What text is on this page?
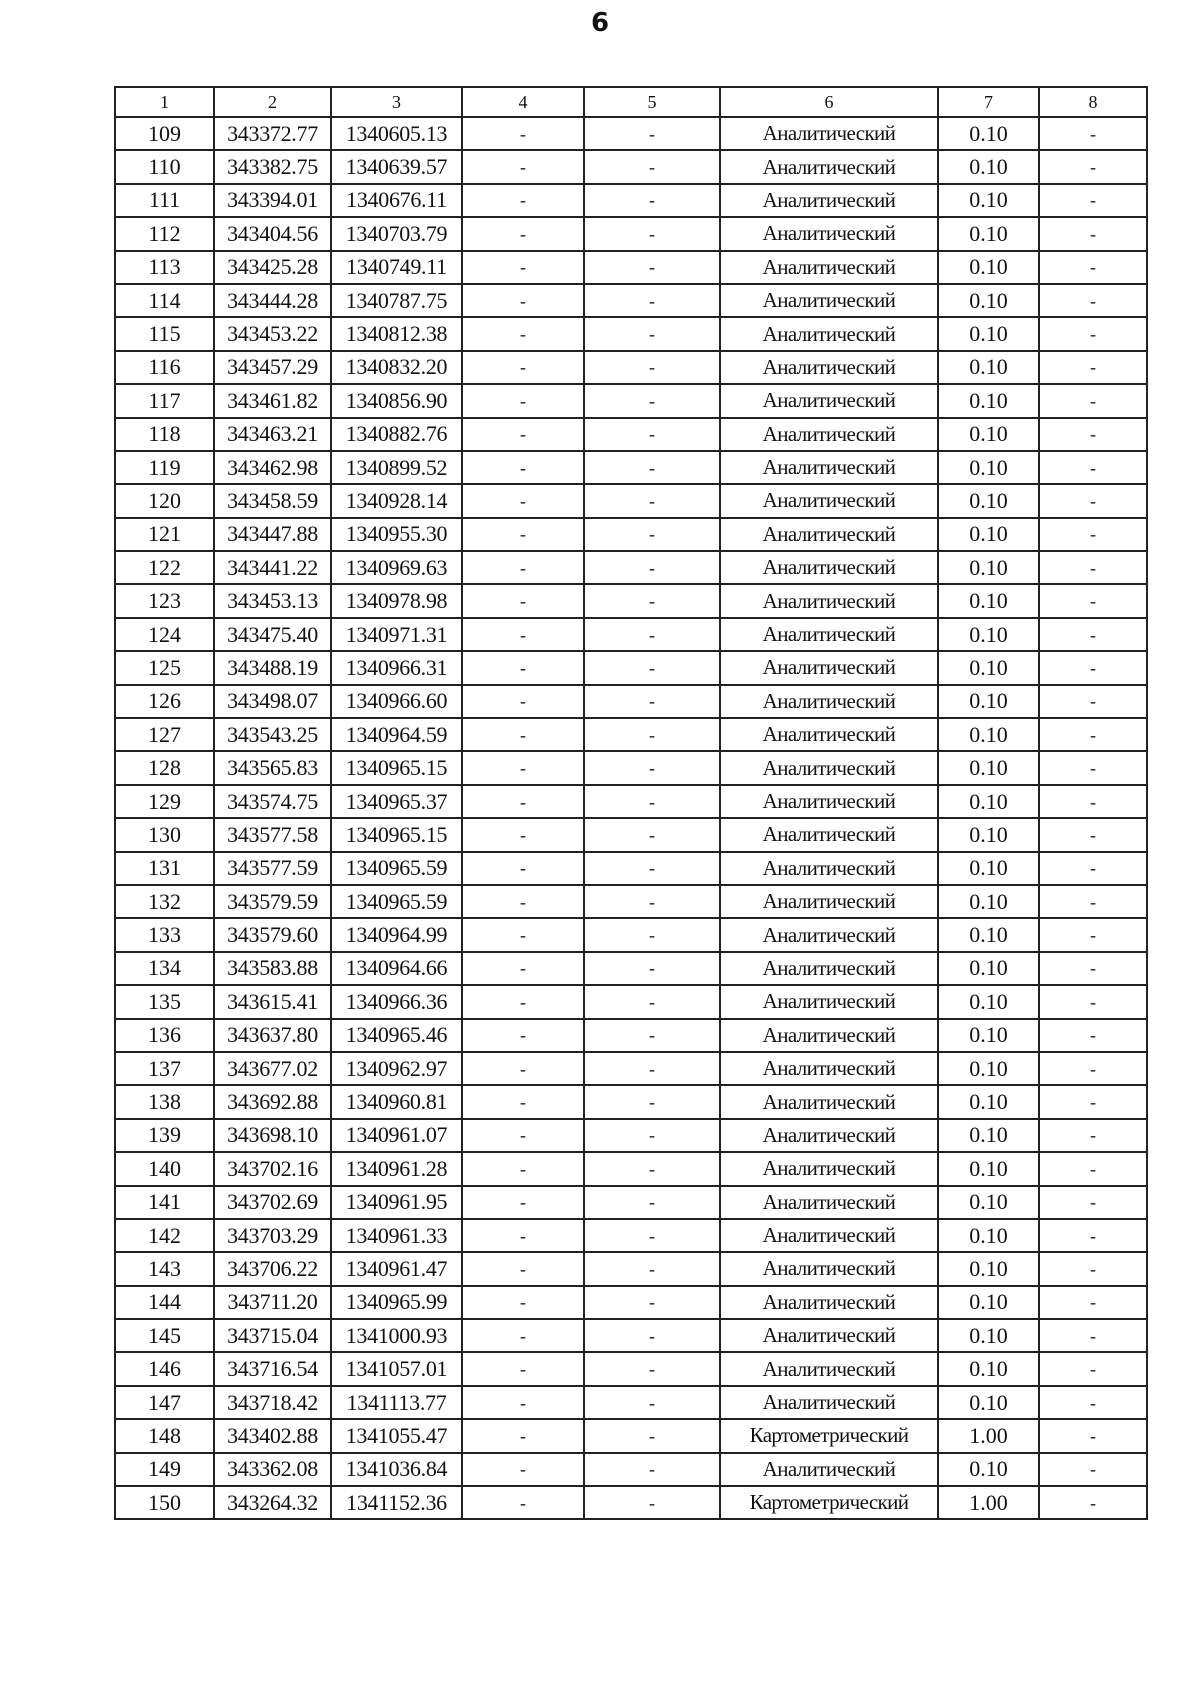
6
1	2	3	4	5	6	7	8
109	343372.77	1340605.13	-	-	Аналитический	0.10	-
110	343382.75	1340639.57	-	-	Аналитический	0.10	-
111	343394.01	1340676.11	-	-	Аналитический	0.10	-
112	343404.56	1340703.79	-	-	Аналитический	0.10	-
113	343425.28	1340749.11	-	-	Аналитический	0.10	-
114	343444.28	1340787.75	-	-	Аналитический	0.10	-
115	343453.22	1340812.38	-	-	Аналитический	0.10	-
116	343457.29	1340832.20	-	-	Аналитический	0.10	-
117	343461.82	1340856.90	-	-	Аналитический	0.10	-
118	343463.21	1340882.76	-	-	Аналитический	0.10	-
119	343462.98	1340899.52	-	-	Аналитический	0.10	-
120	343458.59	1340928.14	-	-	Аналитический	0.10	-
121	343447.88	1340955.30	-	-	Аналитический	0.10	-
122	343441.22	1340969.63	-	-	Аналитический	0.10	-
123	343453.13	1340978.98	-	-	Аналитический	0.10	-
124	343475.40	1340971.31	-	-	Аналитический	0.10	-
125	343488.19	1340966.31	-	-	Аналитический	0.10	-
126	343498.07	1340966.60	-	-	Аналитический	0.10	-
127	343543.25	1340964.59	-	-	Аналитический	0.10	-
128	343565.83	1340965.15	-	-	Аналитический	0.10	-
129	343574.75	1340965.37	-	-	Аналитический	0.10	-
130	343577.58	1340965.15	-	-	Аналитический	0.10	-
131	343577.59	1340965.59	-	-	Аналитический	0.10	-
132	343579.59	1340965.59	-	-	Аналитический	0.10	-
133	343579.60	1340964.99	-	-	Аналитический	0.10	-
134	343583.88	1340964.66	-	-	Аналитический	0.10	-
135	343615.41	1340966.36	-	-	Аналитический	0.10	-
136	343637.80	1340965.46	-	-	Аналитический	0.10	-
137	343677.02	1340962.97	-	-	Аналитический	0.10	-
138	343692.88	1340960.81	-	-	Аналитический	0.10	-
139	343698.10	1340961.07	-	-	Аналитический	0.10	-
140	343702.16	1340961.28	-	-	Аналитический	0.10	-
141	343702.69	1340961.95	-	-	Аналитический	0.10	-
142	343703.29	1340961.33	-	-	Аналитический	0.10	-
143	343706.22	1340961.47	-	-	Аналитический	0.10	-
144	343711.20	1340965.99	-	-	Аналитический	0.10	-
145	343715.04	1341000.93	-	-	Аналитический	0.10	-
146	343716.54	1341057.01	-	-	Аналитический	0.10	-
147	343718.42	1341113.77	-	-	Аналитический	0.10	-
148	343402.88	1341055.47	-	-	Картометрический	1.00	-
149	343362.08	1341036.84	-	-	Аналитический	0.10	-
150	343264.32	1341152.36	-	-	Картометрический	1.00	-
